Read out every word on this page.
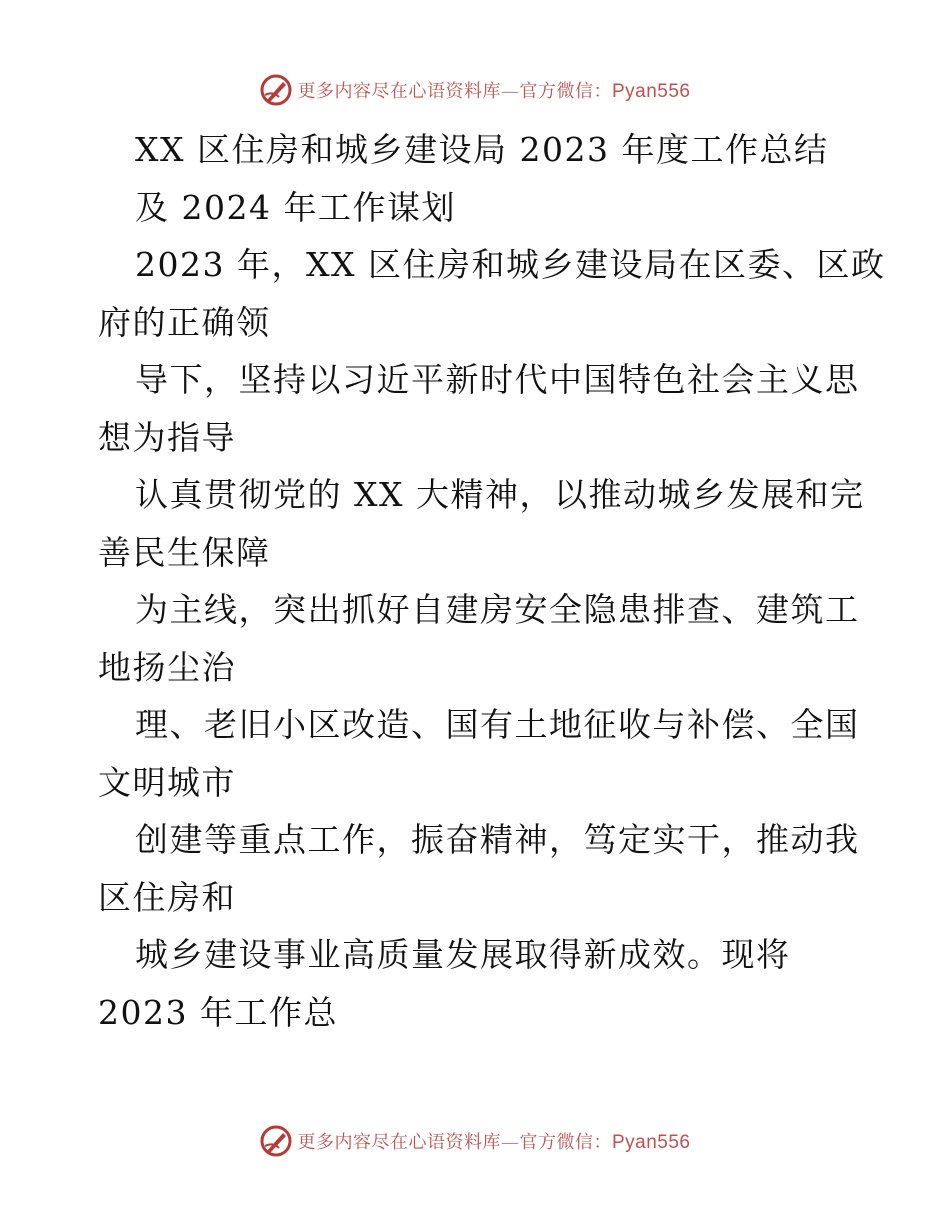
更多内容尽在心语资料库—官方微信：Pyan556
XX 区住房和城乡建设局 2023 年度工作总结
及 2024 年工作谋划
2023 年，XX 区住房和城乡建设局在区委、区政
府的正确领
导下，坚持以习近平新时代中国特色社会主义思
想为指导
认真贯彻党的 XX 大精神，以推动城乡发展和完
善民生保障
为主线，突出抓好自建房安全隐患排查、建筑工
地扬尘治
理、老旧小区改造、国有土地征收与补偿、全国
文明城市
创建等重点工作，振奋精神，笃定实干，推动我
区住房和
城乡建设事业高质量发展取得新成效。现将
2023 年工作总
更多内容尽在心语资料库—官方微信：Pyan556
